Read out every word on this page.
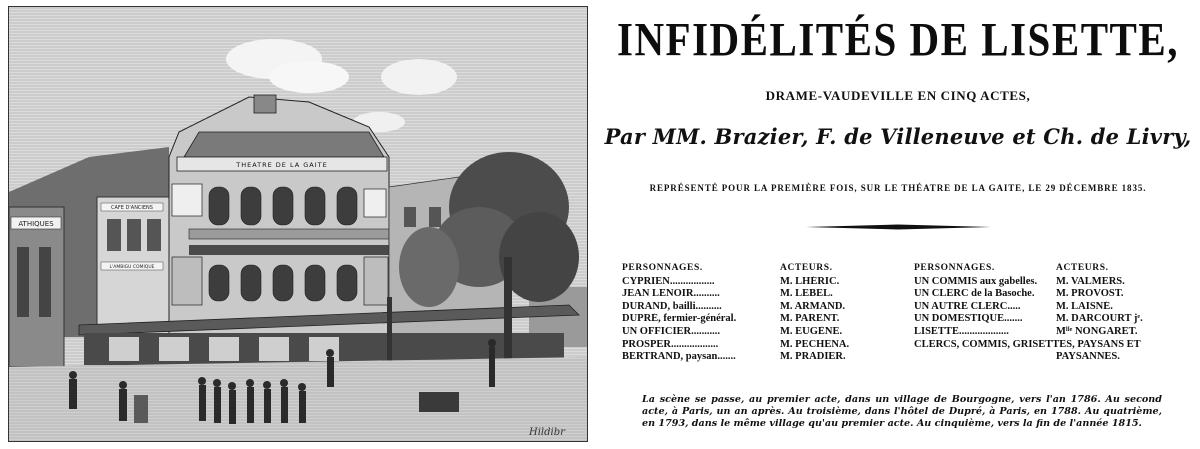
ATHIQUES
CAFE D'ANCIENS
L'AMBIGU COMIQUE
THEATRE DE LA GAITE
Hildibr
INFIDÉLITÉS DE LISETTE,
DRAME-VAUDEVILLE EN CINQ ACTES,
Par MM. Brazier, F. de Villeneuve et Ch. de Livry,
REPRÉSENTÉ POUR LA PREMIÈRE FOIS, SUR LE THÉATRE DE LA GAITE, LE 29 DÉCEMBRE 1835.
PERSONNAGES.	ACTEURS.
CYPRIEN.................	M. LHÉRIC.
JEAN LENOIR..........	M. LEBEL.
DURAND, bailli..........	M. ARMAND.
DUPRÉ, fermier-général.	M. PARENT.
UN OFFICIER...........	M. EUGÈNE.
PROSPER..................	M. PECHENA.
BERTRAND, paysan.......	M. PRADIER.
PERSONNAGES.	ACTEURS.
UN COMMIS aux gabelles.	M. VALMERS.
UN CLERC de la Basoche.	M. PROVOST.
UN AUTRE CLERC.....	M. LAISNÉ.
UN DOMESTIQUE.......	M. DARCOURT jᵉ.
LISETTE...................	Mˡˡᵉ NONGARET.
CLERCS, COMMIS, GRISETTES, PAYSANS ET
PAYSANNES.
La scène se passe, au premier acte, dans un village de Bourgogne, vers l'an 1786. Au second acte, à Paris, un an après. Au troisième, dans l'hôtel de Dupré, à Paris, en 1788. Au quatrième, en 1793, dans le même village qu'au premier acte. Au cinquième, vers la fin de l'année 1815.
